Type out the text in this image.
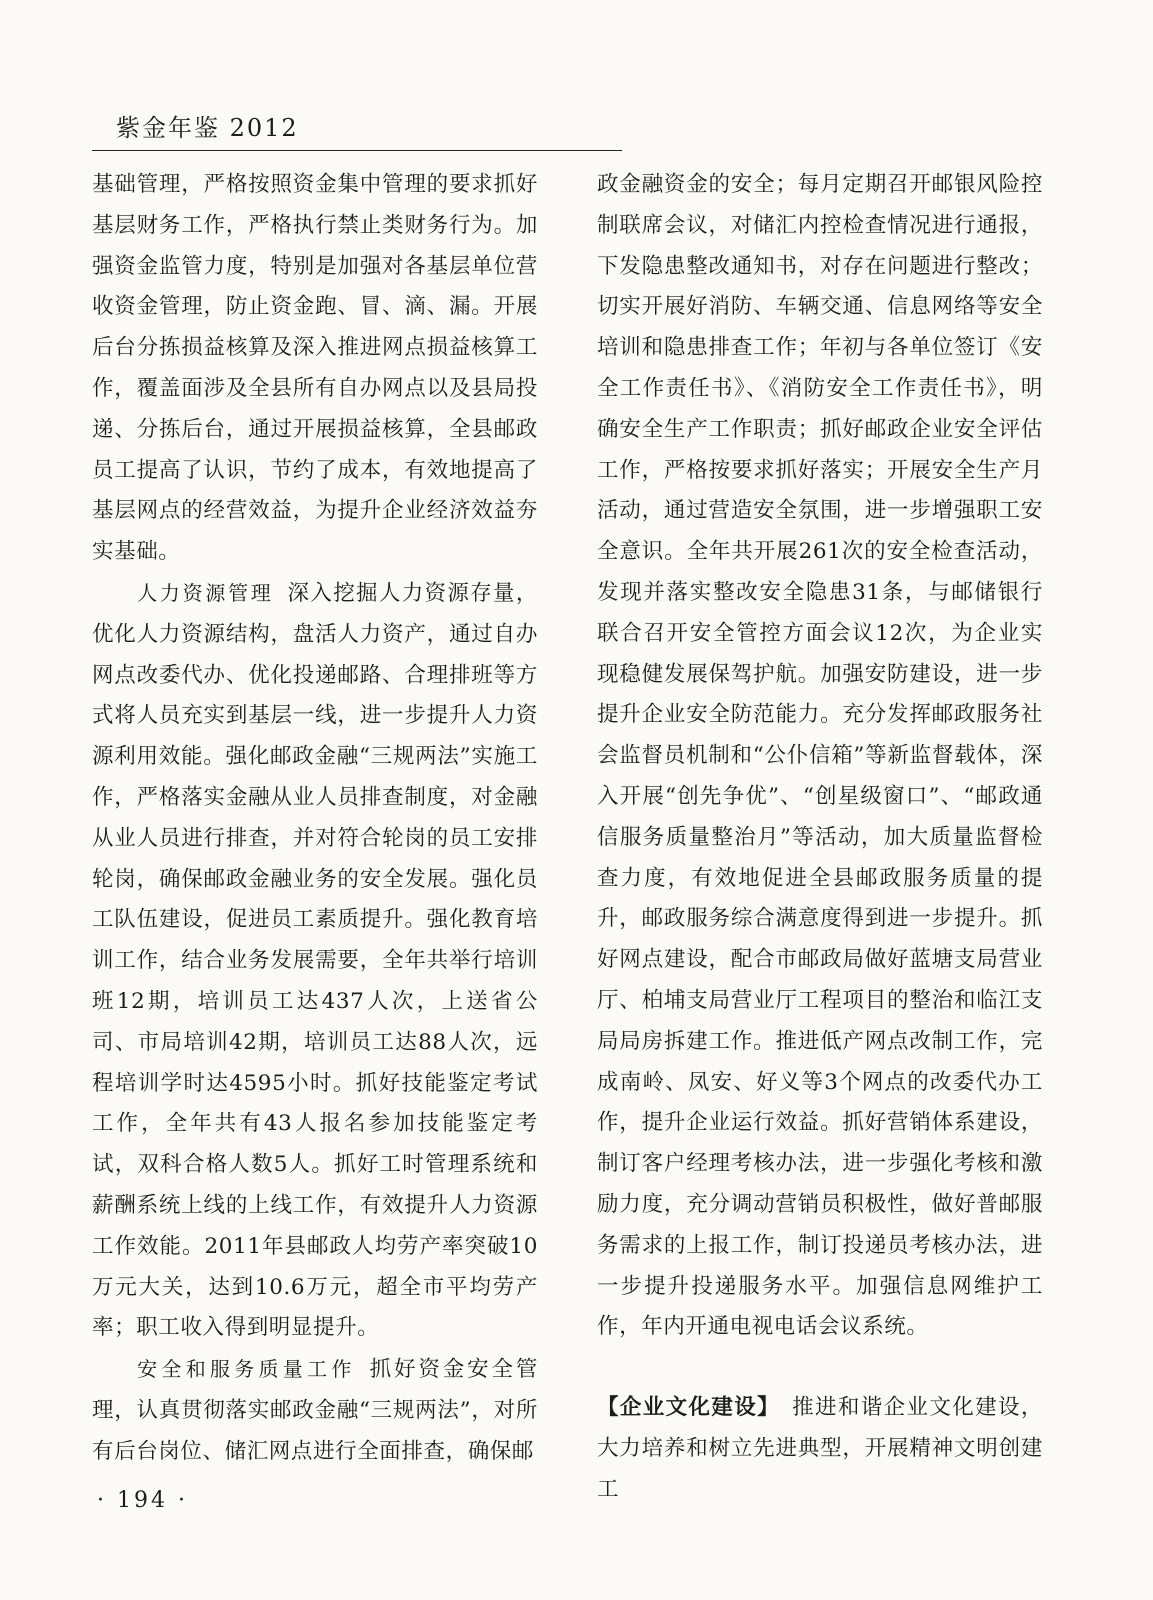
紫金年鉴 2012

基础管理，严格按照资金集中管理的要求抓好基层财务工作，严格执行禁止类财务行为。加强资金监管力度，特别是加强对各基层单位营收资金管理，防止资金跑、冒、滴、漏。开展后台分拣损益核算及深入推进网点损益核算工作，覆盖面涉及全县所有自办网点以及县局投递、分拣后台，通过开展损益核算，全县邮政员工提高了认识，节约了成本，有效地提高了基层网点的经营效益，为提升企业经济效益夯实基础。

人力资源管理 深入挖掘人力资源存量，优化人力资源结构，盘活人力资产，通过自办网点改委代办、优化投递邮路、合理排班等方式将人员充实到基层一线，进一步提升人力资源利用效能。强化邮政金融“三规两法”实施工作，严格落实金融从业人员排查制度，对金融从业人员进行排查，并对符合轮岗的员工安排轮岗，确保邮政金融业务的安全发展。强化员工队伍建设，促进员工素质提升。强化教育培训工作，结合业务发展需要，全年共举行培训班12期，培训员工达437人次，上送省公司、市局培训42期，培训员工达88人次，远程培训学时达4595小时。抓好技能鉴定考试工作，全年共有43人报名参加技能鉴定考试，双科合格人数5人。抓好工时管理系统和薪酬系统上线的上线工作，有效提升人力资源工作效能。2011年县邮政人均劳产率突破10万元大关，达到10.6万元，超全市平均劳产率；职工收入得到明显提升。

安全和服务质量工作 抓好资金安全管理，认真贯彻落实邮政金融“三规两法”，对所有后台岗位、储汇网点进行全面排查，确保邮

政金融资金的安全；每月定期召开邮银风险控制联席会议，对储汇内控检查情况进行通报，下发隐患整改通知书，对存在问题进行整改；切实开展好消防、车辆交通、信息网络等安全培训和隐患排查工作；年初与各单位签订《安全工作责任书》、《消防安全工作责任书》，明确安全生产工作职责；抓好邮政企业安全评估工作，严格按要求抓好落实；开展安全生产月活动，通过营造安全氛围，进一步增强职工安全意识。全年共开展261次的安全检查活动，发现并落实整改安全隐患31条，与邮储银行联合召开安全管控方面会议12次，为企业实现稳健发展保驾护航。加强安防建设，进一步提升企业安全防范能力。充分发挥邮政服务社会监督员机制和“公仆信箱”等新监督载体，深入开展“创先争优”、“创星级窗口”、“邮政通信服务质量整治月”等活动，加大质量监督检查力度，有效地促进全县邮政服务质量的提升，邮政服务综合满意度得到进一步提升。抓好网点建设，配合市邮政局做好蓝塘支局营业厅、柏埔支局营业厅工程项目的整治和临江支局局房拆建工作。推进低产网点改制工作，完成南岭、凤安、好义等3个网点的改委代办工作，提升企业运行效益。抓好营销体系建设，制订客户经理考核办法，进一步强化考核和激励力度，充分调动营销员积极性，做好普邮服务需求的上报工作，制订投递员考核办法，进一步提升投递服务水平。加强信息网维护工作，年内开通电视电话会议系统。

【企业文化建设】 推进和谐企业文化建设，大力培养和树立先进典型，开展精神文明创建工

· 194 ·
